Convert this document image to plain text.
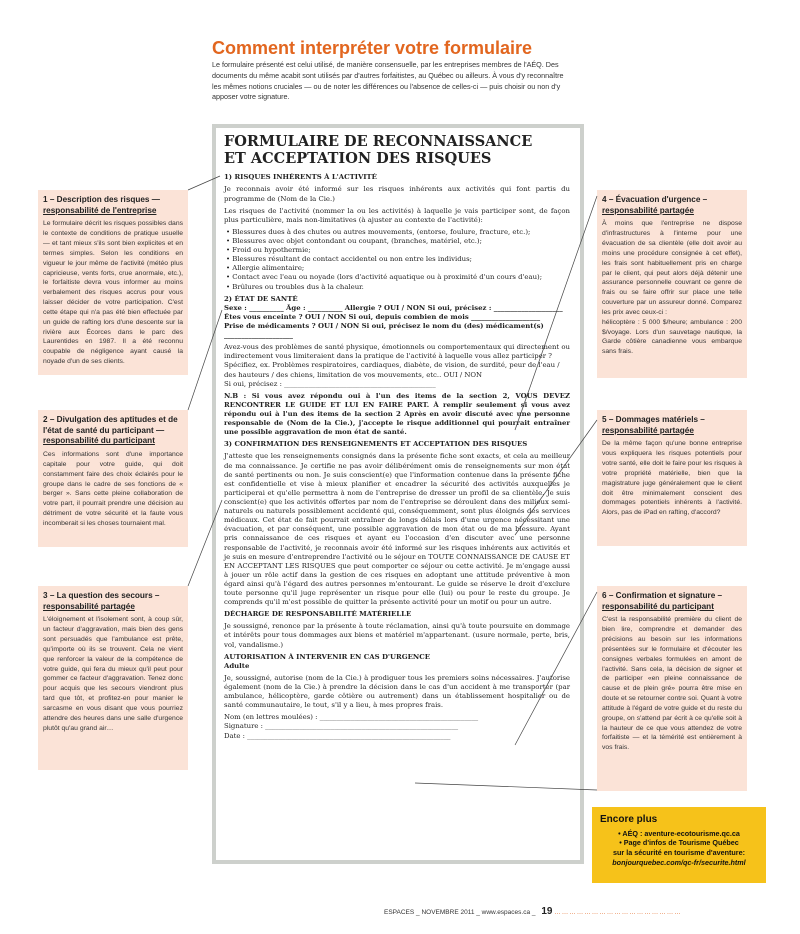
Comment interpréter votre formulaire
Le formulaire présenté est celui utilisé, de manière consensuelle, par les entreprises membres de l'AÉQ. Des documents du même acabit sont utilisés par d'autres forfaitistes, au Québec ou ailleurs. À vous d'y reconnaître les mêmes notions cruciales — ou de noter les différences ou l'absence de celles-ci — puis choisir ou non d'y apposer votre signature.
FORMULAIRE DE RECONNAISSANCE
ET ACCEPTATION DES RISQUES
1) RISQUES INHÉRENTS À L'ACTIVITÉ
Je reconnais avoir été informé sur les risques inhérents aux activités qui font partis du programme de (Nom de la Cie.)
Les risques de l'activité (nommer la ou les activités) à laquelle je vais participer sont, de façon plus particulière, mais non-limitatives (à ajuster au contexte de l'activité):
• Blessures dues à des chutes ou autres mouvements, (entorse, foulure, fracture, etc.);
• Blessures avec objet contondant ou coupant, (branches, matériel, etc.);
• Froid ou hypothermie;
• Blessures résultant de contact accidentel ou non entre les individus;
• Allergie alimentaire;
• Contact avec l'eau ou noyade (lors d'activité aquatique ou à proximité d'un cours d'eau);
• Brûlures ou troubles dus à la chaleur.
2) ÉTAT DE SANTÉ
Sexe : __________ Âge : __________ Allergie ? OUI / NON Si oui, précisez : ____________________
Êtes vous enceinte ? OUI / NON Si oui, depuis combien de mois ____________________
Prise de médicaments ? OUI / NON Si oui, précisez le nom du (des) médicament(s) ____________________
Avez-vous des problèmes de santé physique, émotionnels ou comportementaux qui directement ou indirectement vous limiteraient dans la pratique de l'activité à laquelle vous allez participer ?
Spécifiez, ex. Problèmes respiratoires, cardiaques, diabète, de vision, de surdité, peur de l'eau / des hauteurs / des chiens, limitation de vos mouvements, etc.. OUI / NON
Si oui, précisez : ____________________________________________
N.B : Si vous avez répondu oui à l'un des items de la section 2, VOUS DEVEZ RENCONTRER LE GUIDE ET LUI EN FAIRE PART. À remplir seulement si vous avez répondu oui à l'un des items de la section 2 Après en avoir discuté avec une personne responsable de (Nom de la Cie.), j'accepte le risque additionnel qui pourrait entraîner une possible aggravation de mon état de santé.
3) CONFIRMATION DES RENSEIGNEMENTS ET ACCEPTATION DES RISQUES
J'atteste que les renseignements consignés dans la présente fiche sont exacts, et cela au meilleur de ma connaissance. Je certifie ne pas avoir délibérément omis de renseignements sur mon état de santé pertinents ou non. Je suis conscient(e) que l'information contenue dans la présente fiche est confidentielle et vise à mieux planifier et encadrer la sécurité des activités auxquelles je participerai et qu'elle permettra à nom de l'entreprise de dresser un profil de sa clientèle. Je suis conscient(e) que les activités offertes par nom de l'entreprise se déroulent dans des milieux semi-naturels ou naturels possiblement accidenté qui, conséquemment, sont plus éloignés des services médicaux. Cet état de fait pourrait entraîner de longs délais lors d'une urgence nécessitant une évacuation, et par conséquent, une possible aggravation de mon état ou de ma blessure. Ayant pris connaissance de ces risques et ayant eu l'occasion d'en discuter avec une personne responsable de l'activité, je reconnais avoir été informé sur les risques inhérents aux activités et je suis en mesure d'entreprendre l'activité ou le séjour en TOUTE CONNAISSANCE DE CAUSE ET EN ACCEPTANT LES RISQUES que peut comporter ce séjour ou cette activité. Je m'engage aussi à jouer un rôle actif dans la gestion de ces risques en adoptant une attitude préventive à mon égard ainsi qu'à l'égard des autres personnes m'entourant. Le guide se réserve le droit d'exclure toute personne qu'il juge représenter un risque pour elle (lui) ou pour le reste du groupe. Je comprends qu'il m'est possible de quitter la présente activité pour un motif ou pour un autre.
DÉCHARGE DE RESPONSABILITÉ MATÉRIELLE
Je soussigné, renonce par la présente à toute réclamation, ainsi qu'à toute poursuite en dommage et intérêts pour tous dommages aux biens et matériel m'appartenant. (usure normale, perte, bris, vol, vandalisme.)
AUTORISATION À INTERVENIR EN CAS D'URGENCE
Adulte
Je, soussigné, autorise (nom de la Cie.) à prodiguer tous les premiers soins nécessaires. J'autorise également (nom de la Cie.) à prendre la décision dans le cas d'un accident à me transporter (par ambulance, hélicoptère, garde côtière ou autrement) dans un établissement hospitalier ou de santé communautaire, le tout, s'il y a lieu, à mes propres frais.
Nom (en lettres moulées) : ______________________________________________
Signature : ________________________________________________________
Date : ___________________________________________________________
1 – Description des risques —
responsabilité de l'entreprise

Le formulaire décrit les risques possibles dans le contexte de conditions de pratique usuelle — et tant mieux s'ils sont bien explicites et en termes simples. Selon les conditions en vigueur le jour même de l'activité (météo plus capricieuse, vents forts, crue anormale, etc.), le forfaitiste devra vous informer au moins verbalement des risques accrus pour vous laisser décider de votre participation. C'est cette étape qui n'a pas été bien effectuée par un guide de rafting lors d'une descente sur la rivière aux Écorces dans le parc des Laurentides en 1987. Il a été reconnu coupable de négligence ayant causé la noyade d'un de ses clients.

2 – Divulgation des aptitudes et de l'état de santé du participant —
responsabilité du participant

Ces informations sont d'une importance capitale pour votre guide, qui doit constamment faire des choix éclairés pour le groupe dans le cadre de ses fonctions de « berger ». Sans cette pleine collaboration de votre part, il pourrait prendre une décision au détriment de votre sécurité et la faute vous incomberait si les choses tournaient mal.

3 – La question des secours –
responsabilité partagée

L'éloignement et l'isolement sont, à coup sûr, un facteur d'aggravation, mais bien des gens sont persuadés que l'ambulance est prête, qu'importe où ils se trouvent. Cela ne vient que renforcer la valeur de la compétence de votre guide, qui fera du mieux qu'il peut pour gommer ce facteur d'aggravation. Tenez donc pour acquis que les secours viendront plus tard que tôt, et profitez-en pour manier le sarcasme en vous disant que vous pourriez attendre des heures dans une salle d'urgence plutôt qu'au grand air…

4 – Évacuation d'urgence –
responsabilité partagée

À moins que l'entreprise ne dispose d'infrastructures à l'interne pour une évacuation de sa clientèle (elle doit avoir au moins une procédure consignée à cet effet), les frais sont habituellement pris en charge par le client, qui peut alors déjà détenir une assurance personnelle couvrant ce genre de frais ou se faire offrir sur place une telle couverture par un assureur donné. Comparez les prix avec ceux-ci :

hélicoptère : 5 000 $/heure; ambulance : 200 $/voyage. Lors d'un sauvetage nautique, la Garde côtière canadienne vous embarque sans frais.

5 – Dommages matériels –
responsabilité partagée

De la même façon qu'une bonne entreprise vous expliquera les risques potentiels pour votre santé, elle doit le faire pour les risques à votre propriété matérielle, bien que la magistrature juge généralement que le client doit être minimalement conscient des dommages potentiels inhérents à l'activité. Alors, pas de iPad en rafting, d'accord?

6 – Confirmation et signature –
responsabilité du participant

C'est la responsabilité première du client de bien lire, comprendre et demander des précisions au besoin sur les informations présentées sur le formulaire et d'écouter les consignes verbales formulées en amont de l'activité. Sans cela, la décision de signer et de participer «en pleine connaissance de cause et de plein gré» pourra être mise en doute et se retourner contre soi. Quant à votre attitude à l'égard de votre guide et du reste du groupe, on s'attend par écrit à ce qu'elle soit à la hauteur de ce que vous attendez de votre forfaitiste — et la témérité est entièrement à vos frais.

Encore plus
• AÉQ : aventure-ecotourisme.qc.ca
• Page d'infos de Tourisme Québec
sur la sécurité en tourisme d'aventure:
bonjourquebec.com/qc-fr/securite.html
ESPACES _ NOVEMBRE 2011 _ www.espaces.ca _ 19 ……………………………………………
